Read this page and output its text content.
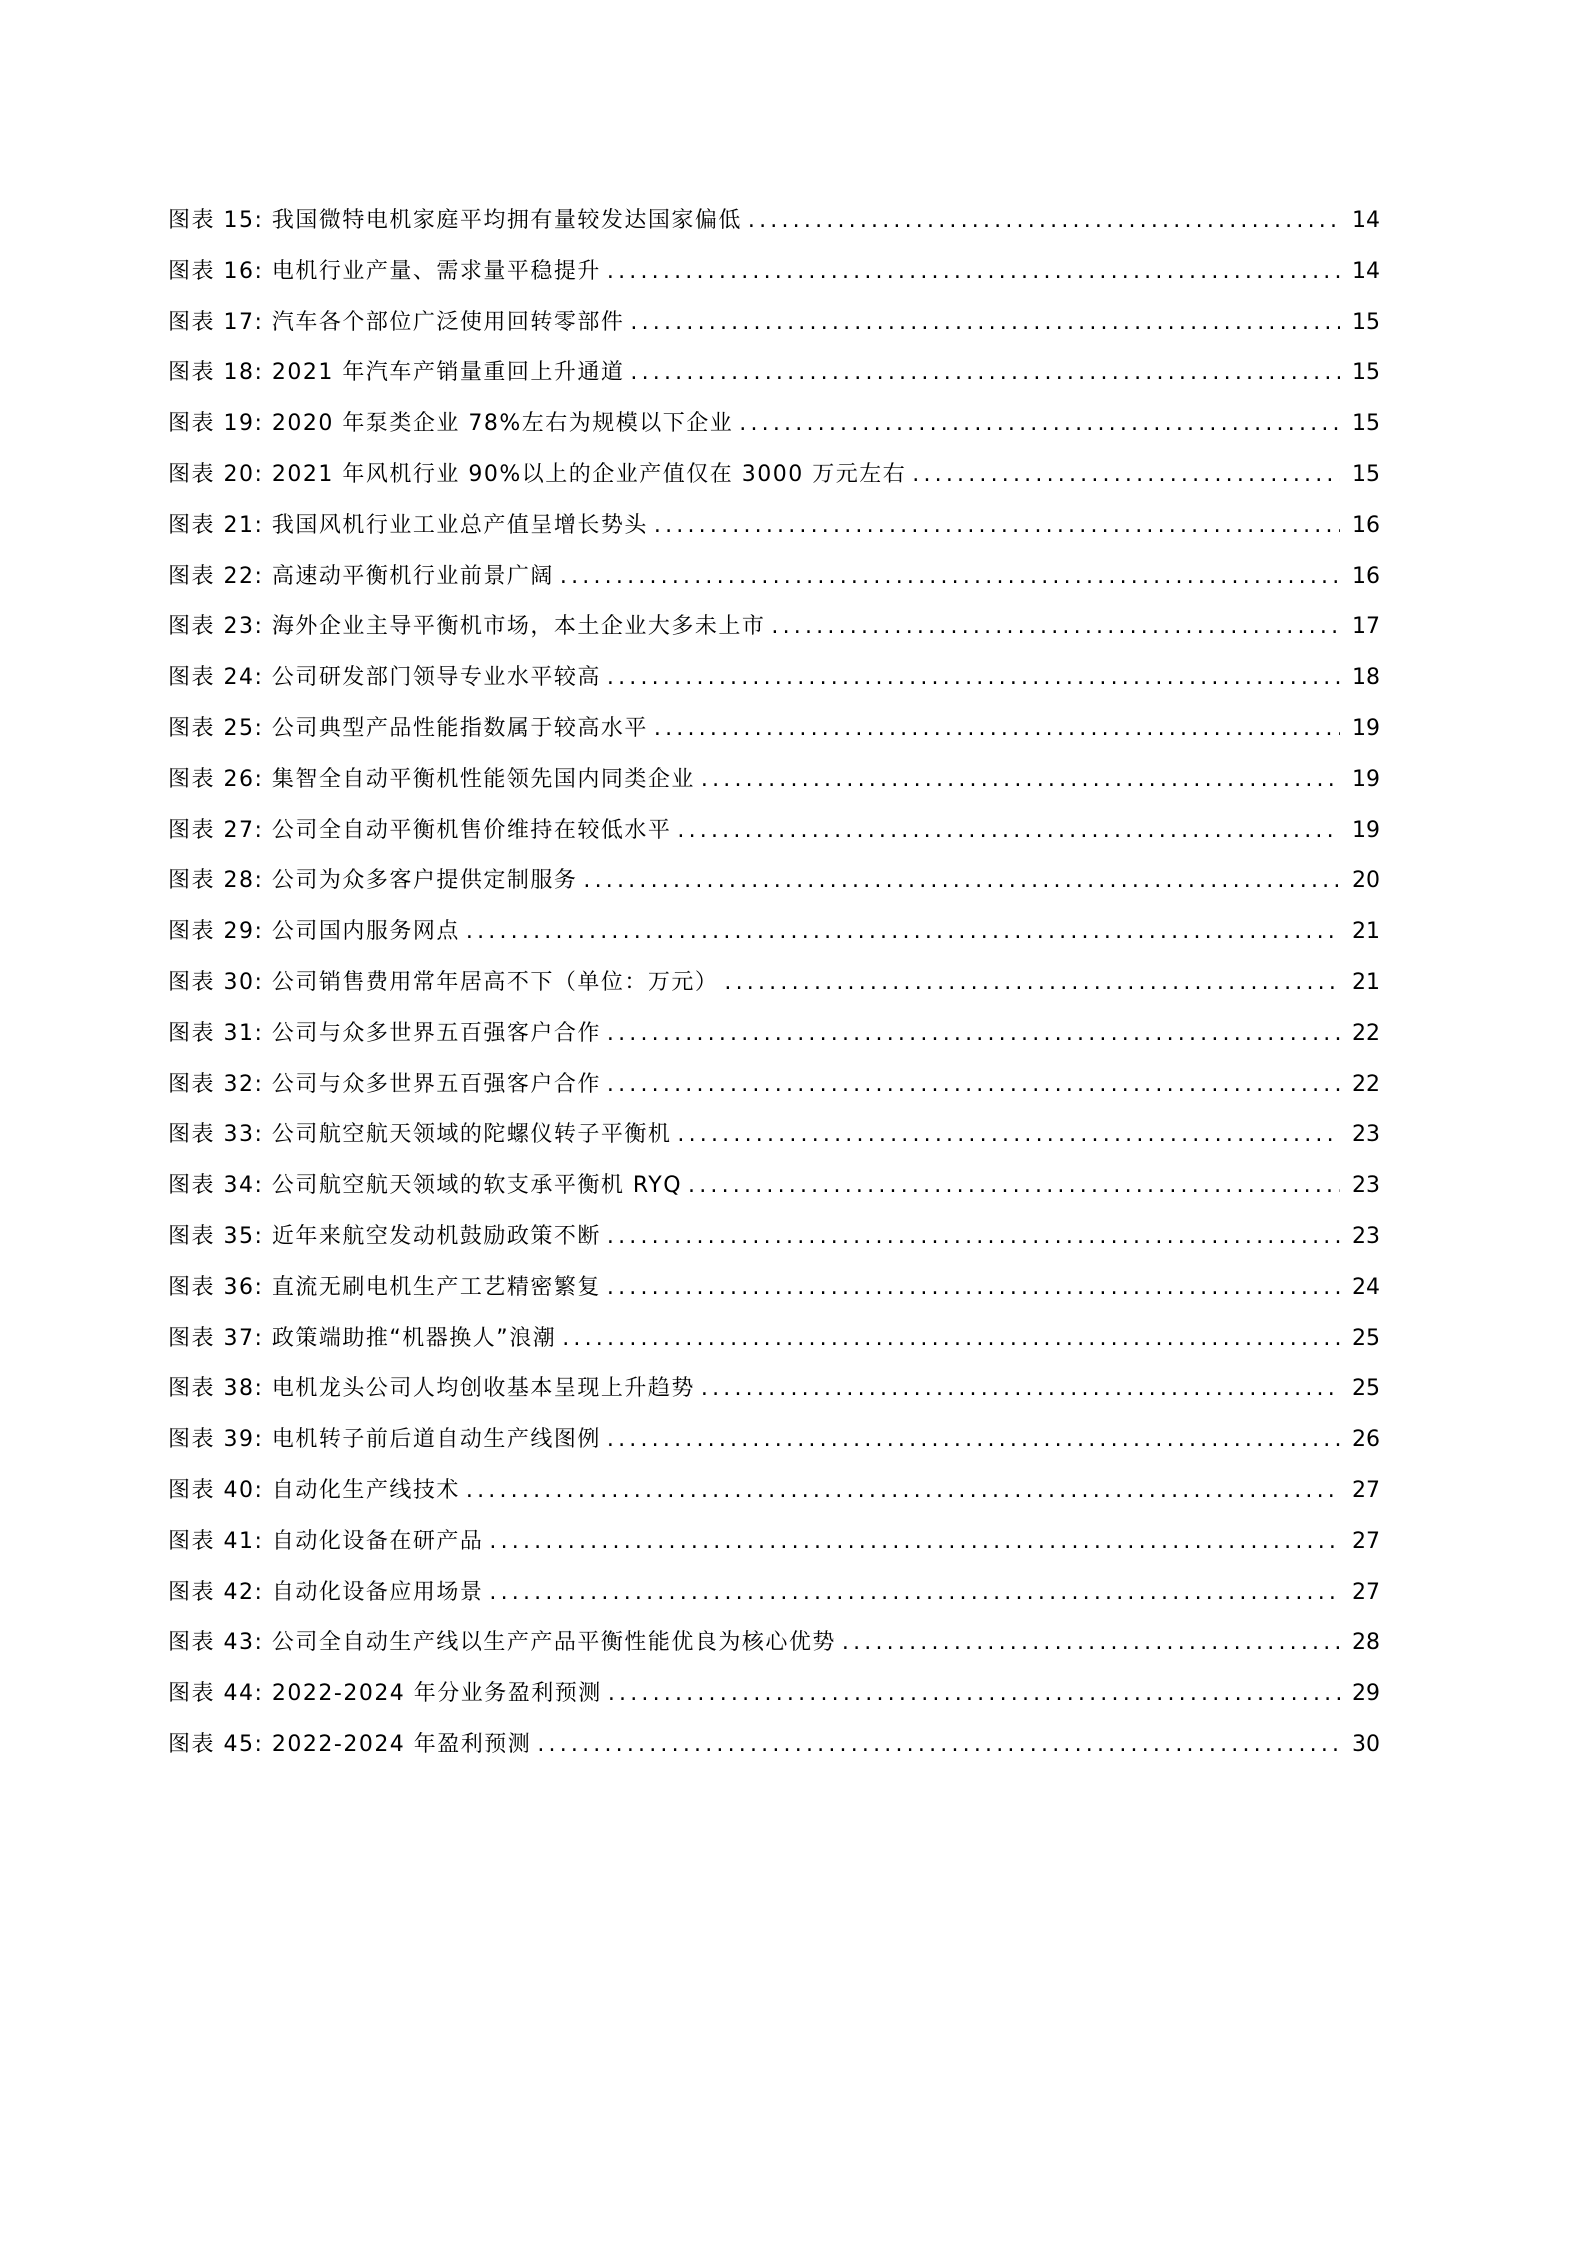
图表 15: 我国微特电机家庭平均拥有量较发达国家偏低 .....	14
图表 16: 电机行业产量、需求量平稳提升 .....	14
图表 17: 汽车各个部位广泛使用回转零部件 .....	15
图表 18: 2021 年汽车产销量重回上升通道 .....	15
图表 19: 2020 年泵类企业 78%左右为规模以下企业 .....	15
图表 20: 2021 年风机行业 90%以上的企业产值仅在 3000 万元左右 .....	15
图表 21: 我国风机行业工业总产值呈增长势头 .....	16
图表 22: 高速动平衡机行业前景广阔 .....	16
图表 23: 海外企业主导平衡机市场，本土企业大多未上市 .....	17
图表 24: 公司研发部门领导专业水平较高 .....	18
图表 25: 公司典型产品性能指数属于较高水平 .....	19
图表 26: 集智全自动平衡机性能领先国内同类企业 .....	19
图表 27: 公司全自动平衡机售价维持在较低水平 .....	19
图表 28: 公司为众多客户提供定制服务 .....	20
图表 29: 公司国内服务网点 .....	21
图表 30: 公司销售费用常年居高不下（单位：万元） .....	21
图表 31: 公司与众多世界五百强客户合作 .....	22
图表 32: 公司与众多世界五百强客户合作 .....	22
图表 33: 公司航空航天领域的陀螺仪转子平衡机 .....	23
图表 34: 公司航空航天领域的软支承平衡机 RYQ .....	23
图表 35: 近年来航空发动机鼓励政策不断 .....	23
图表 36: 直流无刷电机生产工艺精密繁复 .....	24
图表 37: 政策端助推“机器换人”浪潮 .....	25
图表 38: 电机龙头公司人均创收基本呈现上升趋势 .....	25
图表 39: 电机转子前后道自动生产线图例 .....	26
图表 40: 自动化生产线技术 .....	27
图表 41: 自动化设备在研产品 .....	27
图表 42: 自动化设备应用场景 .....	27
图表 43: 公司全自动生产线以生产产品平衡性能优良为核心优势 .....	28
图表 44: 2022-2024 年分业务盈利预测 .....	29
图表 45: 2022-2024 年盈利预测 .....	30
